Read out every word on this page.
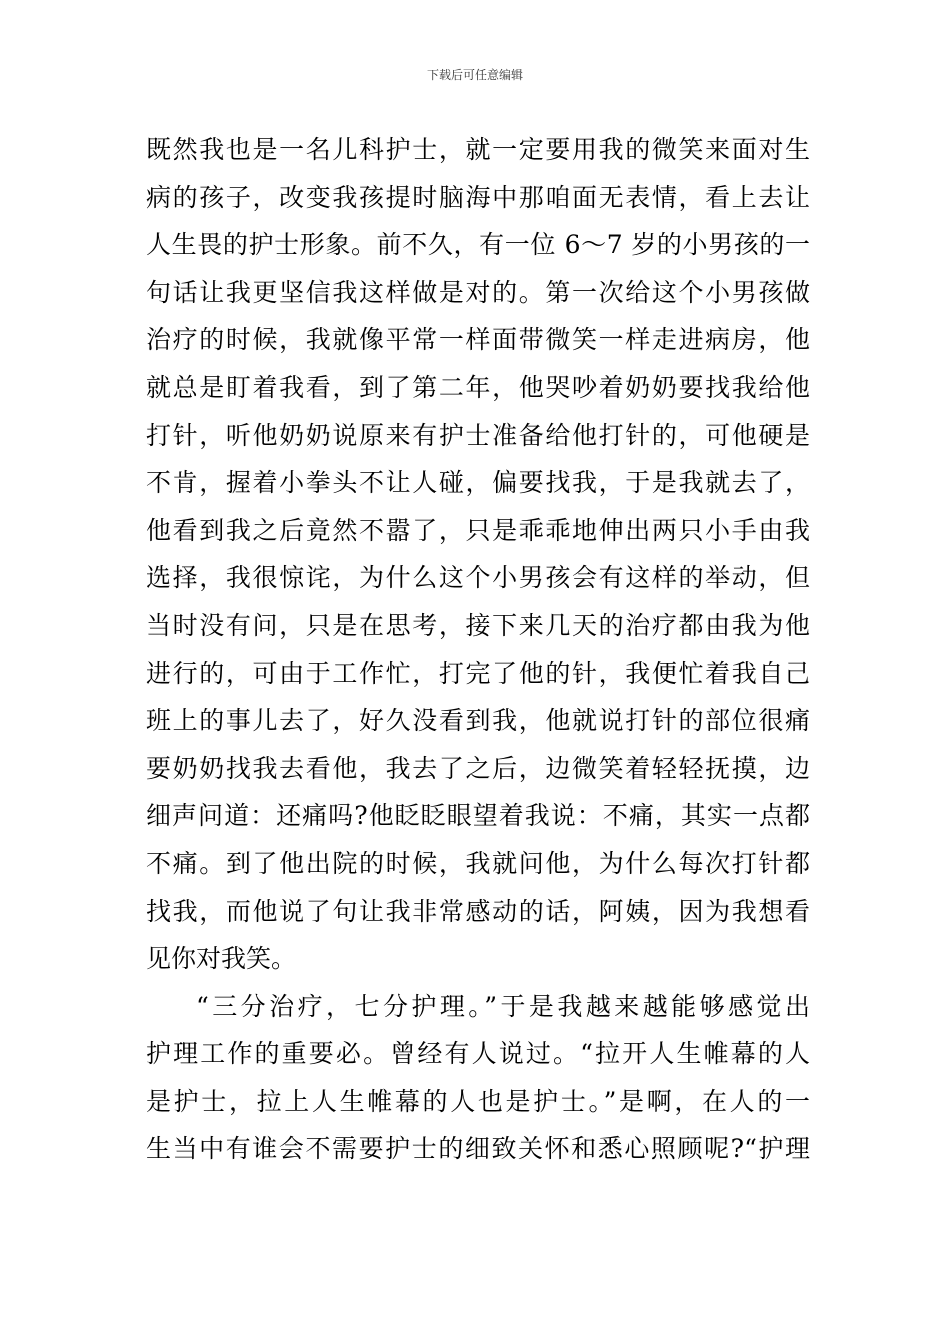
下载后可任意编辑
既然我也是一名儿科护士，就一定要用我的微笑来面对生
病的孩子，改变我孩提时脑海中那咱面无表情，看上去让
人生畏的护士形象。前不久，有一位 6～7 岁的小男孩的一
句话让我更坚信我这样做是对的。第一次给这个小男孩做
治疗的时候，我就像平常一样面带微笑一样走进病房，他
就总是盯着我看，到了第二年，他哭吵着奶奶要找我给他
打针，听他奶奶说原来有护士准备给他打针的，可他硬是
不肯，握着小拳头不让人碰，偏要找我，于是我就去了，
他看到我之后竟然不嚣了，只是乖乖地伸出两只小手由我
选择，我很惊诧，为什么这个小男孩会有这样的举动，但
当时没有问，只是在思考，接下来几天的治疗都由我为他
进行的，可由于工作忙，打完了他的针，我便忙着我自己
班上的事儿去了，好久没看到我，他就说打针的部位很痛
要奶奶找我去看他，我去了之后，边微笑着轻轻抚摸，边
细声问道：还痛吗?他眨眨眼望着我说：不痛，其实一点都
不痛。到了他出院的时候，我就问他，为什么每次打针都
找我，而他说了句让我非常感动的话，阿姨，因为我想看
见你对我笑。
“三分治疗，七分护理。”于是我越来越能够感觉出
护理工作的重要必。曾经有人说过。“拉开人生帷幕的人
是护士，拉上人生帷幕的人也是护士。”是啊，在人的一
生当中有谁会不需要护士的细致关怀和悉心照顾呢?“护理
